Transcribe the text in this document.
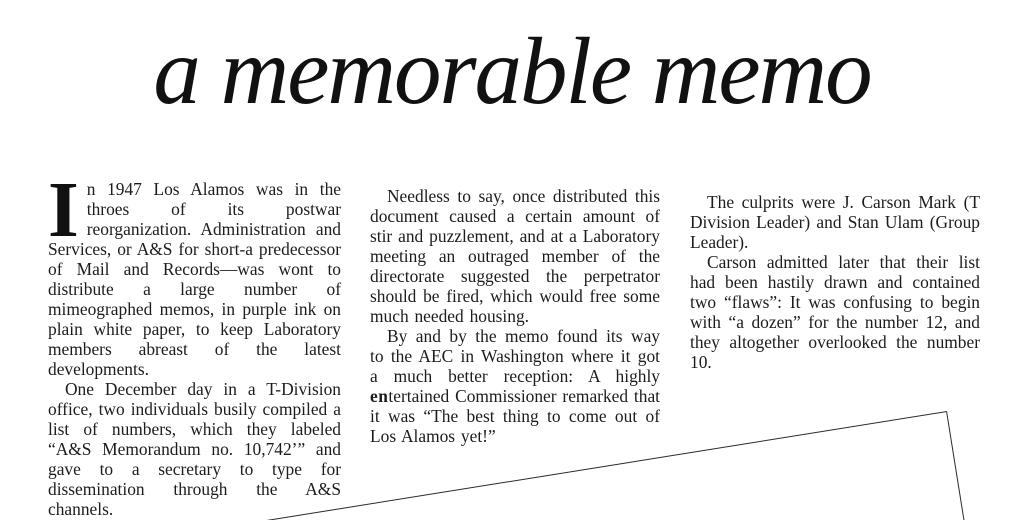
a memorable memo

In 1947 Los Alamos was in the throes of its postwar reorganization. Administration and Services, or A&S for short-a predecessor of Mail and Records—was wont to distribute a large number of mimeographed memos, in purple ink on plain white paper, to keep Laboratory members abreast of the latest developments.

One December day in a T-Division office, two individuals busily compiled a list of numbers, which they labeled “A&S Memorandum no. 10,742’” and gave to a secretary to type for dissemination through the A&S channels.

Needless to say, once distributed this document caused a certain amount of stir and puzzlement, and at a Laboratory meeting an outraged member of the directorate suggested the perpetrator should be fired, which would free some much needed housing.

By and by the memo found its way to the AEC in Washington where it got a much better reception: A highly entertained Commissioner remarked that it was “The best thing to come out of Los Alamos yet!”

The culprits were J. Carson Mark (T Division Leader) and Stan Ulam (Group Leader).

Carson admitted later that their list had been hastily drawn and contained two “flaws”: It was confusing to begin with “a dozen” for the number 12, and they altogether overlooked the number 10.
